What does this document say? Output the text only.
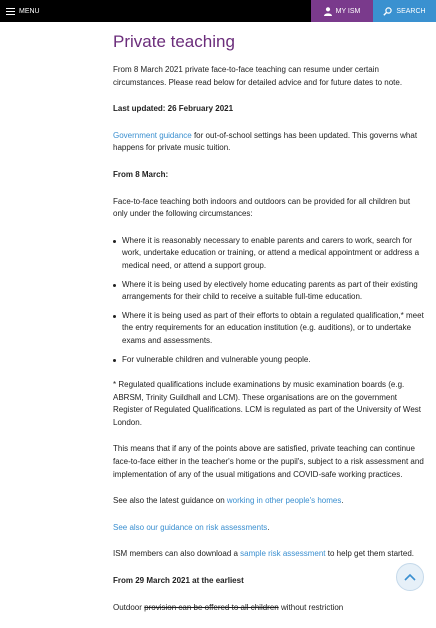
MENU	MY ISM	SEARCH
Private teaching

From 8 March 2021 private face-to-face teaching can resume under certain circumstances. Please read below for detailed advice and for future dates to note.

Last updated: 26 February 2021

Government guidance for out-of-school settings has been updated. This governs what happens for private music tuition.

From 8 March:

Face-to-face teaching both indoors and outdoors can be provided for all children but only under the following circumstances:

Where it is reasonably necessary to enable parents and carers to work, search for work, undertake education or training, or attend a medical appointment or address a medical need, or attend a support group.
Where it is being used by electively home educating parents as part of their existing arrangements for their child to receive a suitable full-time education.
Where it is being used as part of their efforts to obtain a regulated qualification,* meet the entry requirements for an education institution (e.g. auditions), or to undertake exams and assessments.
For vulnerable children and vulnerable young people.

* Regulated qualifications include examinations by music examination boards (e.g. ABRSM, Trinity Guildhall and LCM). These organisations are on the government Register of Regulated Qualifications. LCM is regulated as part of the University of West London.

This means that if any of the points above are satisfied, private teaching can continue face-to-face either in the teacher's home or the pupil's, subject to a risk assessment and implementation of any of the usual mitigations and COVID-safe working practices.

See also the latest guidance on working in other people's homes.

See also our guidance on risk assessments.

ISM members can also download a sample risk assessment to help get them started.

From 29 March 2021 at the earliest

Outdoor provision can be offered to all children without restriction
